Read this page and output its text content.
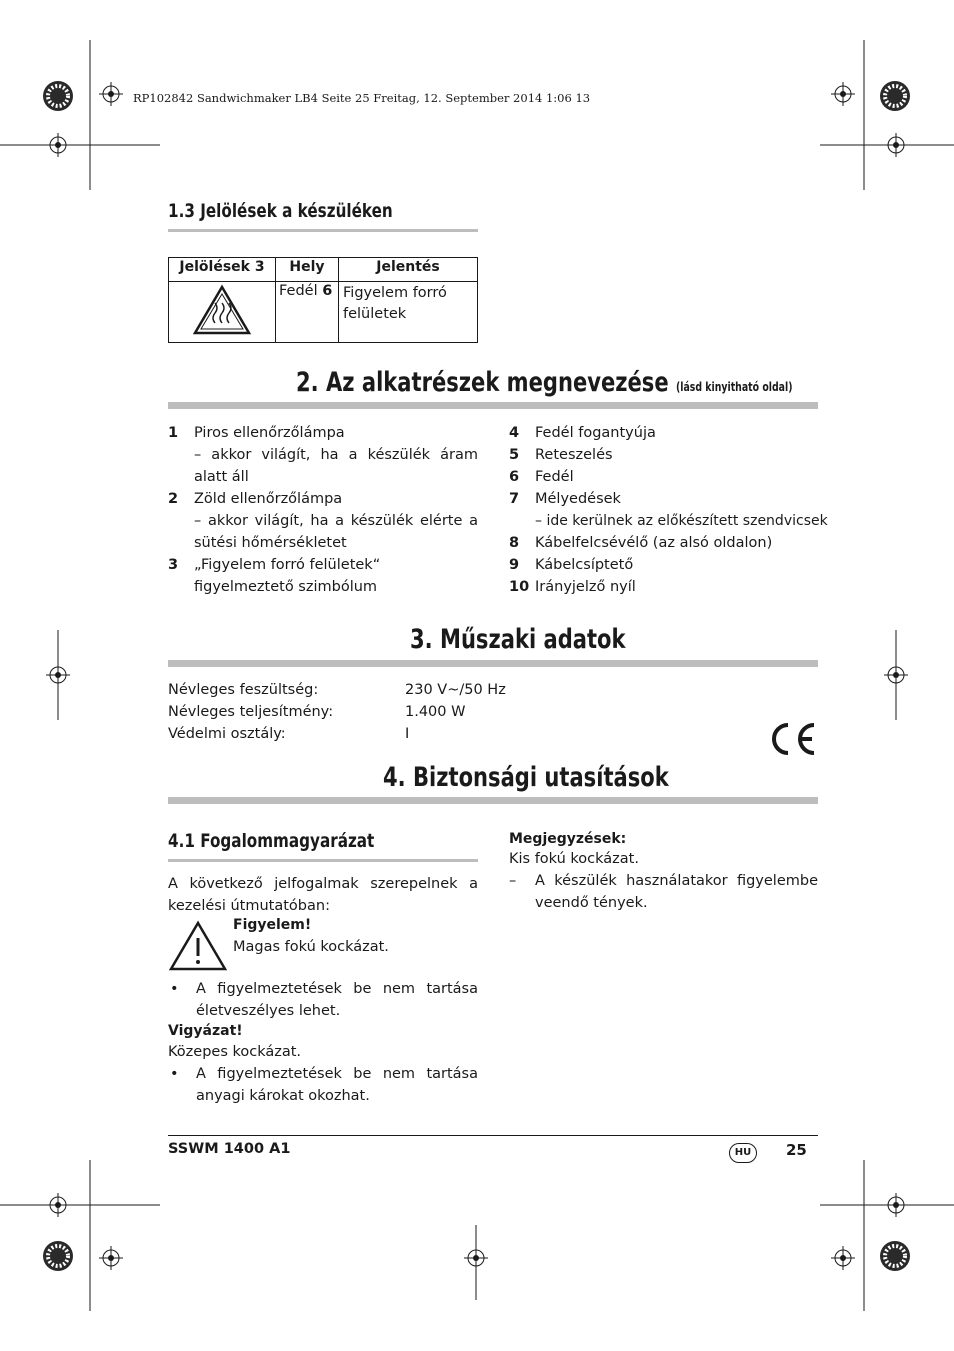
RP102842 Sandwichmaker LB4 Seite 25 Freitag, 12. September 2014 1:06 13
1.3 Jelölések a készüléken
Jelölések 3	Hely	Jelentés
	Fedél 6	Figyelem forró felületek
2. Az alkatrészek megnevezése (lásd kinyitható oldal)
1 Piros ellenőrzőlámpa
– akkor világít, ha a készülék áram alatt áll
2 Zöld ellenőrzőlámpa
– akkor világít, ha a készülék elérte a sütési hőmérsékletet
3	„Figyelem forró felületek“ figyelmeztető szimbólum
4 Fedél fogantyúja
5 Reteszelés
6 Fedél
7 Mélyedések
– ide kerülnek az előkészített szendvicsek
8 Kábelfelcsévélő (az alsó oldalon)
9 Kábelcsíptető
10 Irányjelző nyíl
3. Műszaki adatok
Névleges feszültség:	230 V~/50 Hz
Névleges teljesítmény:	1.400 W
Védelmi osztály:	I
4. Biztonsági utasítások
4.1 Fogalommagyarázat
A következő jelfogalmak szerepelnek a kezelési útmutatóban:
Figyelem!
Magas fokú kockázat.
•	A figyelmeztetések be nem tartása életveszélyes lehet.
Vigyázat!
Közepes kockázat.
•	A figyelmeztetések be nem tartása anyagi károkat okozhat.
Megjegyzések:
Kis fokú kockázat.
–	A készülék használatakor figyelembe veendő tények.
SSWM 1400 A1	HU	25
